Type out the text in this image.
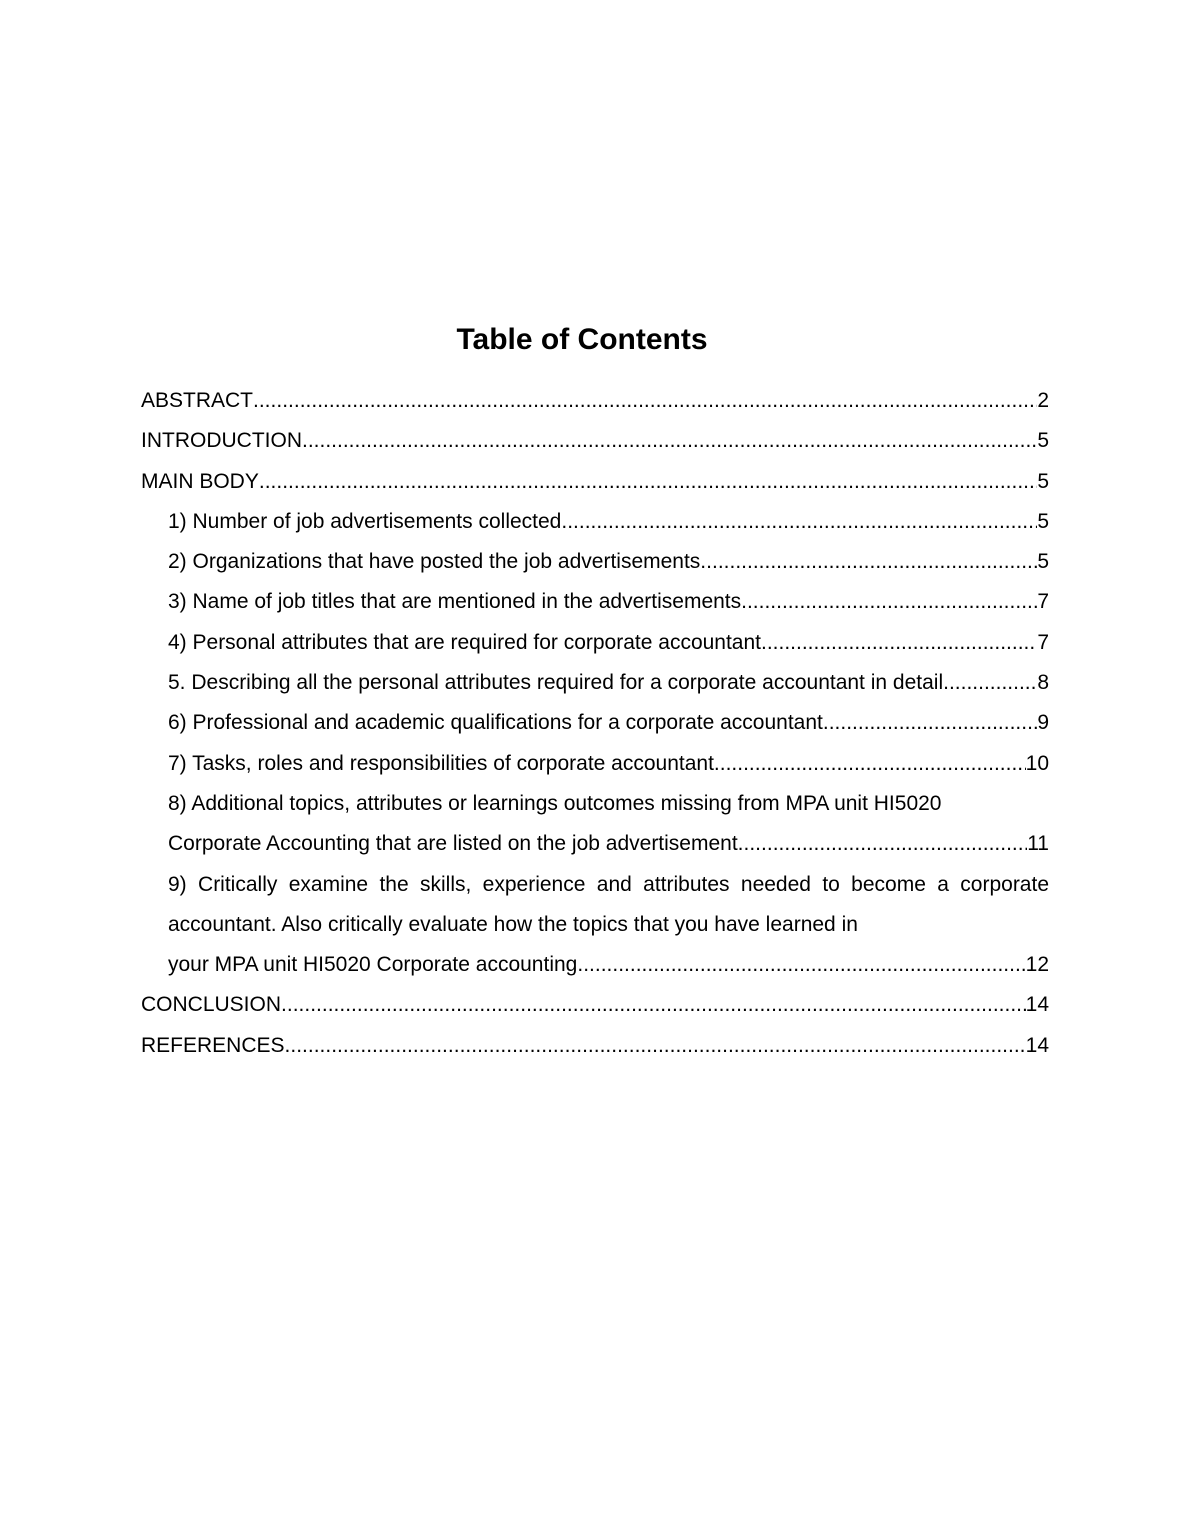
Table of Contents
ABSTRACT .....	2
INTRODUCTION .....	5
MAIN BODY .....	5
1) Number of job advertisements collected .....	5
2) Organizations that have posted the job advertisements. .....	5
3) Name of job titles that are mentioned in the advertisements. .....	7
4) Personal attributes that are required for corporate accountant. .....	7
5. Describing all the personal attributes required for a corporate accountant in detail .....	8
6) Professional and academic qualifications for a corporate accountant. .....	9
7) Tasks, roles and responsibilities of corporate accountant. .....	10
8) Additional topics, attributes or learnings outcomes missing from MPA unit HI5020
Corporate Accounting that are listed on the job advertisement. .....	11
9) Critically examine the skills, experience and attributes needed to become a corporate accountant. Also critically evaluate how the topics that you have learned in
your MPA unit HI5020 Corporate accounting .....	12
CONCLUSION .....	14
REFERENCES .....	14
